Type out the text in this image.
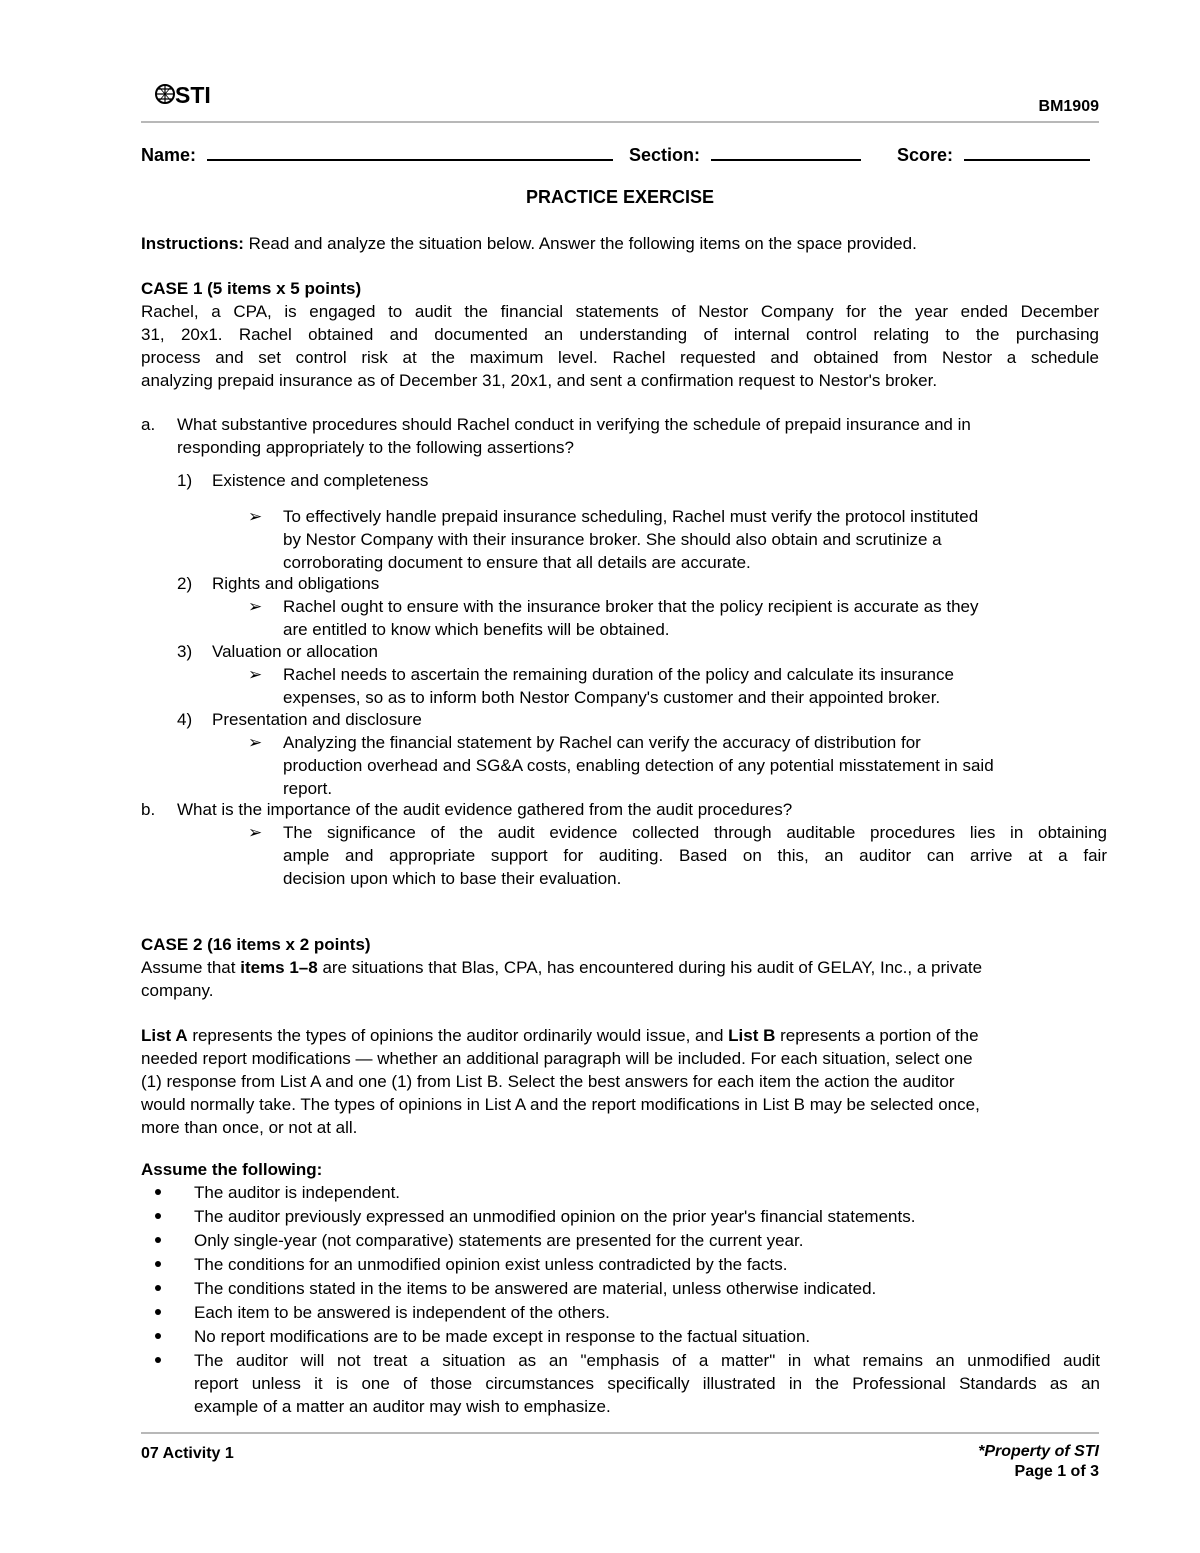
STI	BM1909
Name:	Section:	Score:
PRACTICE EXERCISE
Instructions: Read and analyze the situation below. Answer the following items on the space provided.
CASE 1 (5 items x 5 points)
Rachel, a CPA, is engaged to audit the financial statements of Nestor Company for the year ended December
31, 20x1. Rachel obtained and documented an understanding of internal control relating to the purchasing
process and set control risk at the maximum level. Rachel requested and obtained from Nestor a schedule
analyzing prepaid insurance as of December 31, 20x1, and sent a confirmation request to Nestor's broker.
a. What substantive procedures should Rachel conduct in verifying the schedule of prepaid insurance and in
responding appropriately to the following assertions?
1) Existence and completeness
➢ To effectively handle prepaid insurance scheduling, Rachel must verify the protocol instituted
by Nestor Company with their insurance broker. She should also obtain and scrutinize a
corroborating document to ensure that all details are accurate.
2) Rights and obligations
➢ Rachel ought to ensure with the insurance broker that the policy recipient is accurate as they
are entitled to know which benefits will be obtained.
3) Valuation or allocation
➢ Rachel needs to ascertain the remaining duration of the policy and calculate its insurance
expenses, so as to inform both Nestor Company's customer and their appointed broker.
4) Presentation and disclosure
➢ Analyzing the financial statement by Rachel can verify the accuracy of distribution for
production overhead and SG&A costs, enabling detection of any potential misstatement in said
report.
b. What is the importance of the audit evidence gathered from the audit procedures?
➢ The significance of the audit evidence collected through auditable procedures lies in obtaining
ample and appropriate support for auditing. Based on this, an auditor can arrive at a fair
decision upon which to base their evaluation.
CASE 2 (16 items x 2 points)
Assume that items 1–8 are situations that Blas, CPA, has encountered during his audit of GELAY, Inc., a private
company.
List A represents the types of opinions the auditor ordinarily would issue, and List B represents a portion of the
needed report modifications — whether an additional paragraph will be included. For each situation, select one
(1) response from List A and one (1) from List B. Select the best answers for each item the action the auditor
would normally take. The types of opinions in List A and the report modifications in List B may be selected once,
more than once, or not at all.
Assume the following:
The auditor is independent.
The auditor previously expressed an unmodified opinion on the prior year's financial statements.
Only single-year (not comparative) statements are presented for the current year.
The conditions for an unmodified opinion exist unless contradicted by the facts.
The conditions stated in the items to be answered are material, unless otherwise indicated.
Each item to be answered is independent of the others.
No report modifications are to be made except in response to the factual situation.
The auditor will not treat a situation as an "emphasis of a matter" in what remains an unmodified audit
report unless it is one of those circumstances specifically illustrated in the Professional Standards as an
example of a matter an auditor may wish to emphasize.
07 Activity 1	*Property of STI
Page 1 of 3
